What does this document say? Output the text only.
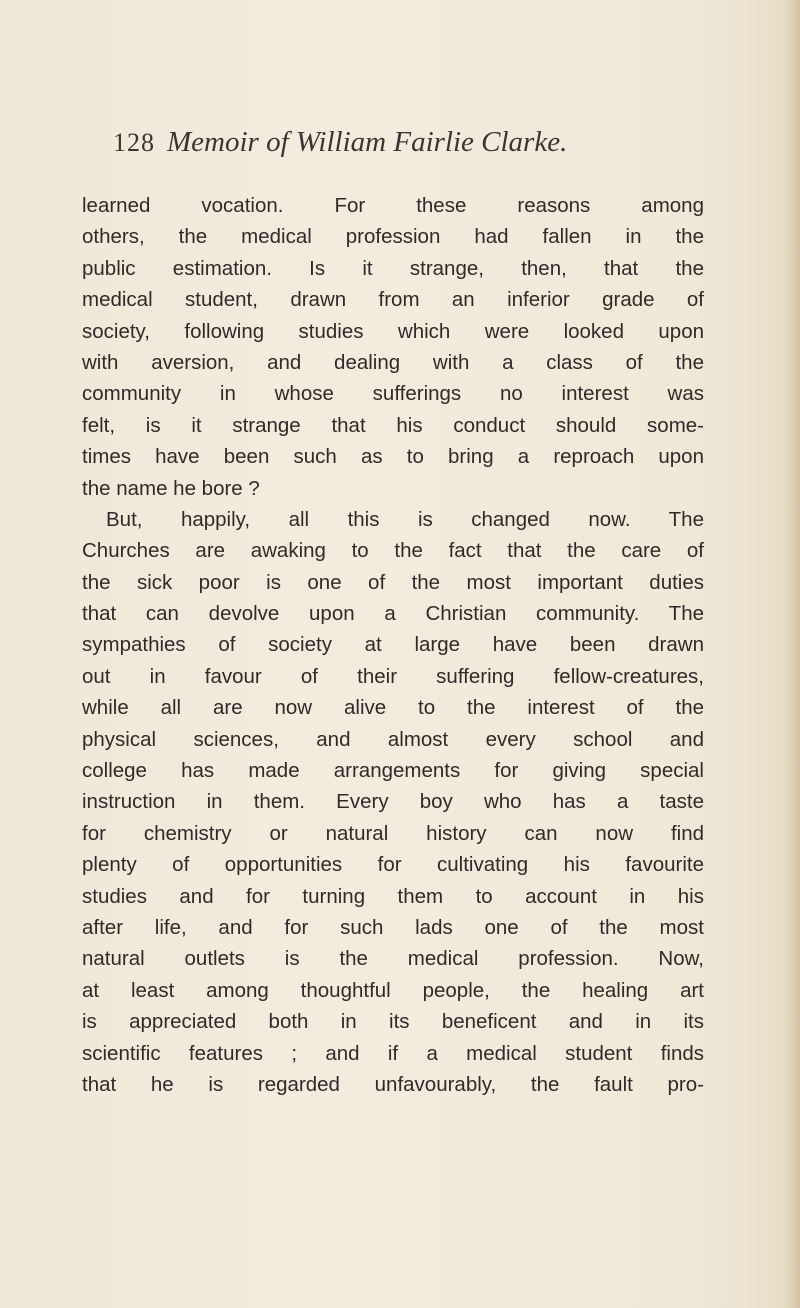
128 Memoir of William Fairlie Clarke.
learned vocation. For these reasons among
others, the medical profession had fallen in the
public estimation. Is it strange, then, that the
medical student, drawn from an inferior grade of
society, following studies which were looked upon
with aversion, and dealing with a class of the
community in whose sufferings no interest was
felt, is it strange that his conduct should some-
times have been such as to bring a reproach upon
the name he bore ?
But, happily, all this is changed now. The
Churches are awaking to the fact that the care of
the sick poor is one of the most important duties
that can devolve upon a Christian community. The
sympathies of society at large have been drawn
out in favour of their suffering fellow-creatures,
while all are now alive to the interest of the
physical sciences, and almost every school and
college has made arrangements for giving special
instruction in them. Every boy who has a taste
for chemistry or natural history can now find
plenty of opportunities for cultivating his favourite
studies and for turning them to account in his
after life, and for such lads one of the most
natural outlets is the medical profession. Now,
at least among thoughtful people, the healing art
is appreciated both in its beneficent and in its
scientific features ; and if a medical student finds
that he is regarded unfavourably, the fault pro-
